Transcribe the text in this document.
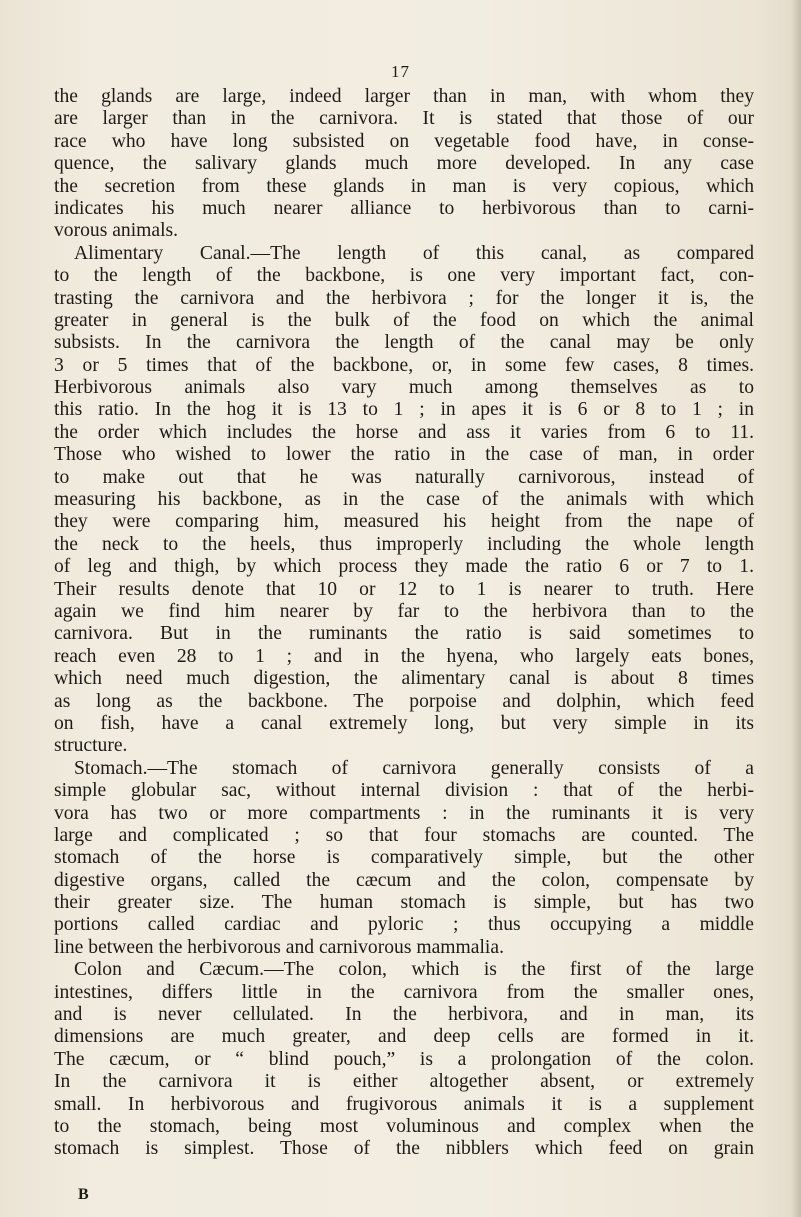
17
the glands are large, indeed larger than in man, with whom they
are larger than in the carnivora. It is stated that those of our
race who have long subsisted on vegetable food have, in conse-
quence, the salivary glands much more developed. In any case
the secretion from these glands in man is very copious, which
indicates his much nearer alliance to herbivorous than to carni-
vorous animals.
Alimentary Canal.—The length of this canal, as compared
to the length of the backbone, is one very important fact, con-
trasting the carnivora and the herbivora ; for the longer it is, the
greater in general is the bulk of the food on which the animal
subsists. In the carnivora the length of the canal may be only
3 or 5 times that of the backbone, or, in some few cases, 8 times.
Herbivorous animals also vary much among themselves as to
this ratio. In the hog it is 13 to 1 ; in apes it is 6 or 8 to 1 ; in
the order which includes the horse and ass it varies from 6 to 11.
Those who wished to lower the ratio in the case of man, in order
to make out that he was naturally carnivorous, instead of
measuring his backbone, as in the case of the animals with which
they were comparing him, measured his height from the nape of
the neck to the heels, thus improperly including the whole length
of leg and thigh, by which process they made the ratio 6 or 7 to 1.
Their results denote that 10 or 12 to 1 is nearer to truth. Here
again we find him nearer by far to the herbivora than to the
carnivora. But in the ruminants the ratio is said sometimes to
reach even 28 to 1 ; and in the hyena, who largely eats bones,
which need much digestion, the alimentary canal is about 8 times
as long as the backbone. The porpoise and dolphin, which feed
on fish, have a canal extremely long, but very simple in its
structure.
Stomach.—The stomach of carnivora generally consists of a
simple globular sac, without internal division : that of the herbi-
vora has two or more compartments : in the ruminants it is very
large and complicated ; so that four stomachs are counted. The
stomach of the horse is comparatively simple, but the other
digestive organs, called the cæcum and the colon, compensate by
their greater size. The human stomach is simple, but has two
portions called cardiac and pyloric ; thus occupying a middle
line between the herbivorous and carnivorous mammalia.
Colon and Cæcum.—The colon, which is the first of the large
intestines, differs little in the carnivora from the smaller ones,
and is never cellulated. In the herbivora, and in man, its
dimensions are much greater, and deep cells are formed in it.
The cæcum, or “ blind pouch,” is a prolongation of the colon.
In the carnivora it is either altogether absent, or extremely
small. In herbivorous and frugivorous animals it is a supplement
to the stomach, being most voluminous and complex when the
stomach is simplest. Those of the nibblers which feed on grain
B
